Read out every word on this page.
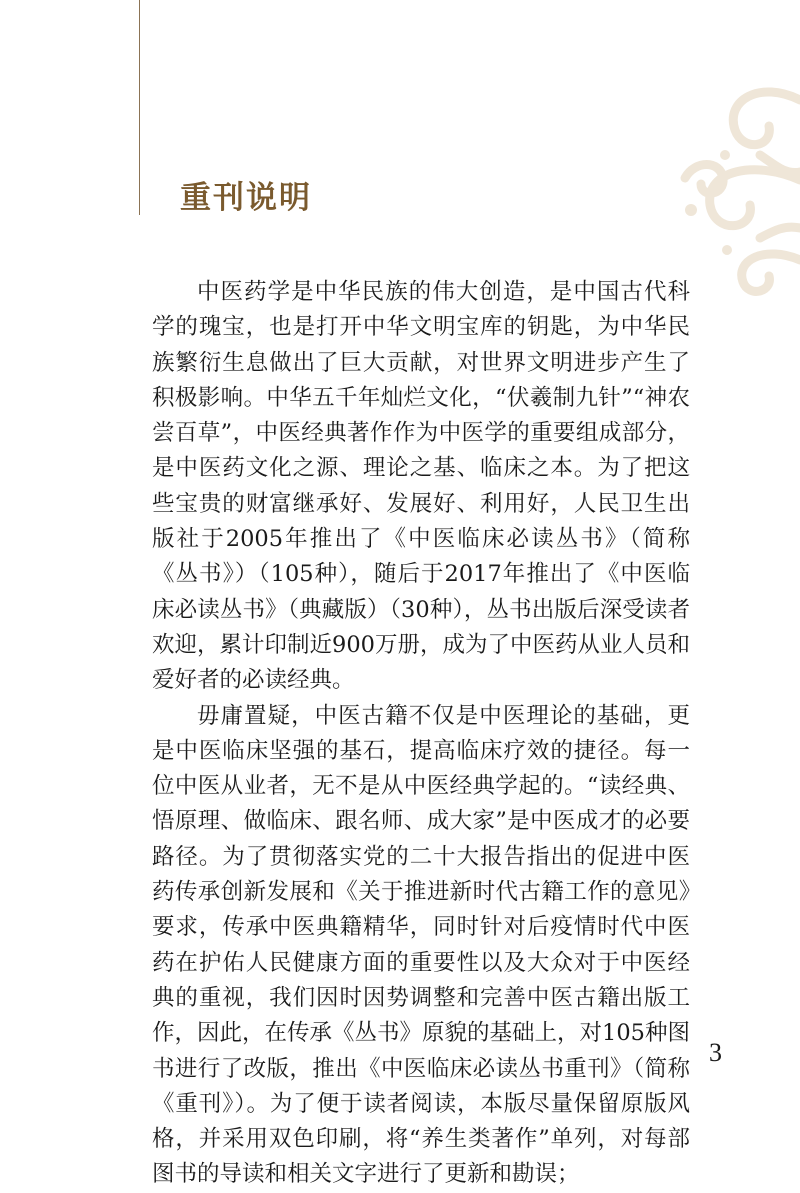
重刊说明

中医药学是中华民族的伟大创造，是中国古代科学的瑰宝，也是打开中华文明宝库的钥匙，为中华民族繁衍生息做出了巨大贡献，对世界文明进步产生了积极影响。中华五千年灿烂文化，“伏羲制九针”“神农尝百草”，中医经典著作作为中医学的重要组成部分，是中医药文化之源、理论之基、临床之本。为了把这些宝贵的财富继承好、发展好、利用好，人民卫生出版社于2005年推出了《中医临床必读丛书》（简称《丛书》）（105种），随后于2017年推出了《中医临床必读丛书》（典藏版）（30种），丛书出版后深受读者欢迎，累计印制近900万册，成为了中医药从业人员和爱好者的必读经典。

毋庸置疑，中医古籍不仅是中医理论的基础，更是中医临床坚强的基石，提高临床疗效的捷径。每一位中医从业者，无不是从中医经典学起的。“读经典、悟原理、做临床、跟名师、成大家”是中医成才的必要路径。为了贯彻落实党的二十大报告指出的促进中医药传承创新发展和《关于推进新时代古籍工作的意见》要求，传承中医典籍精华，同时针对后疫情时代中医药在护佑人民健康方面的重要性以及大众对于中医经典的重视，我们因时因势调整和完善中医古籍出版工作，因此，在传承《丛书》原貌的基础上，对105种图书进行了改版，推出《中医临床必读丛书重刊》（简称《重刊》）。为了便于读者阅读，本版尽量保留原版风格，并采用双色印刷，将“养生类著作”单列，对每部图书的导读和相关文字进行了更新和勘误；

3
